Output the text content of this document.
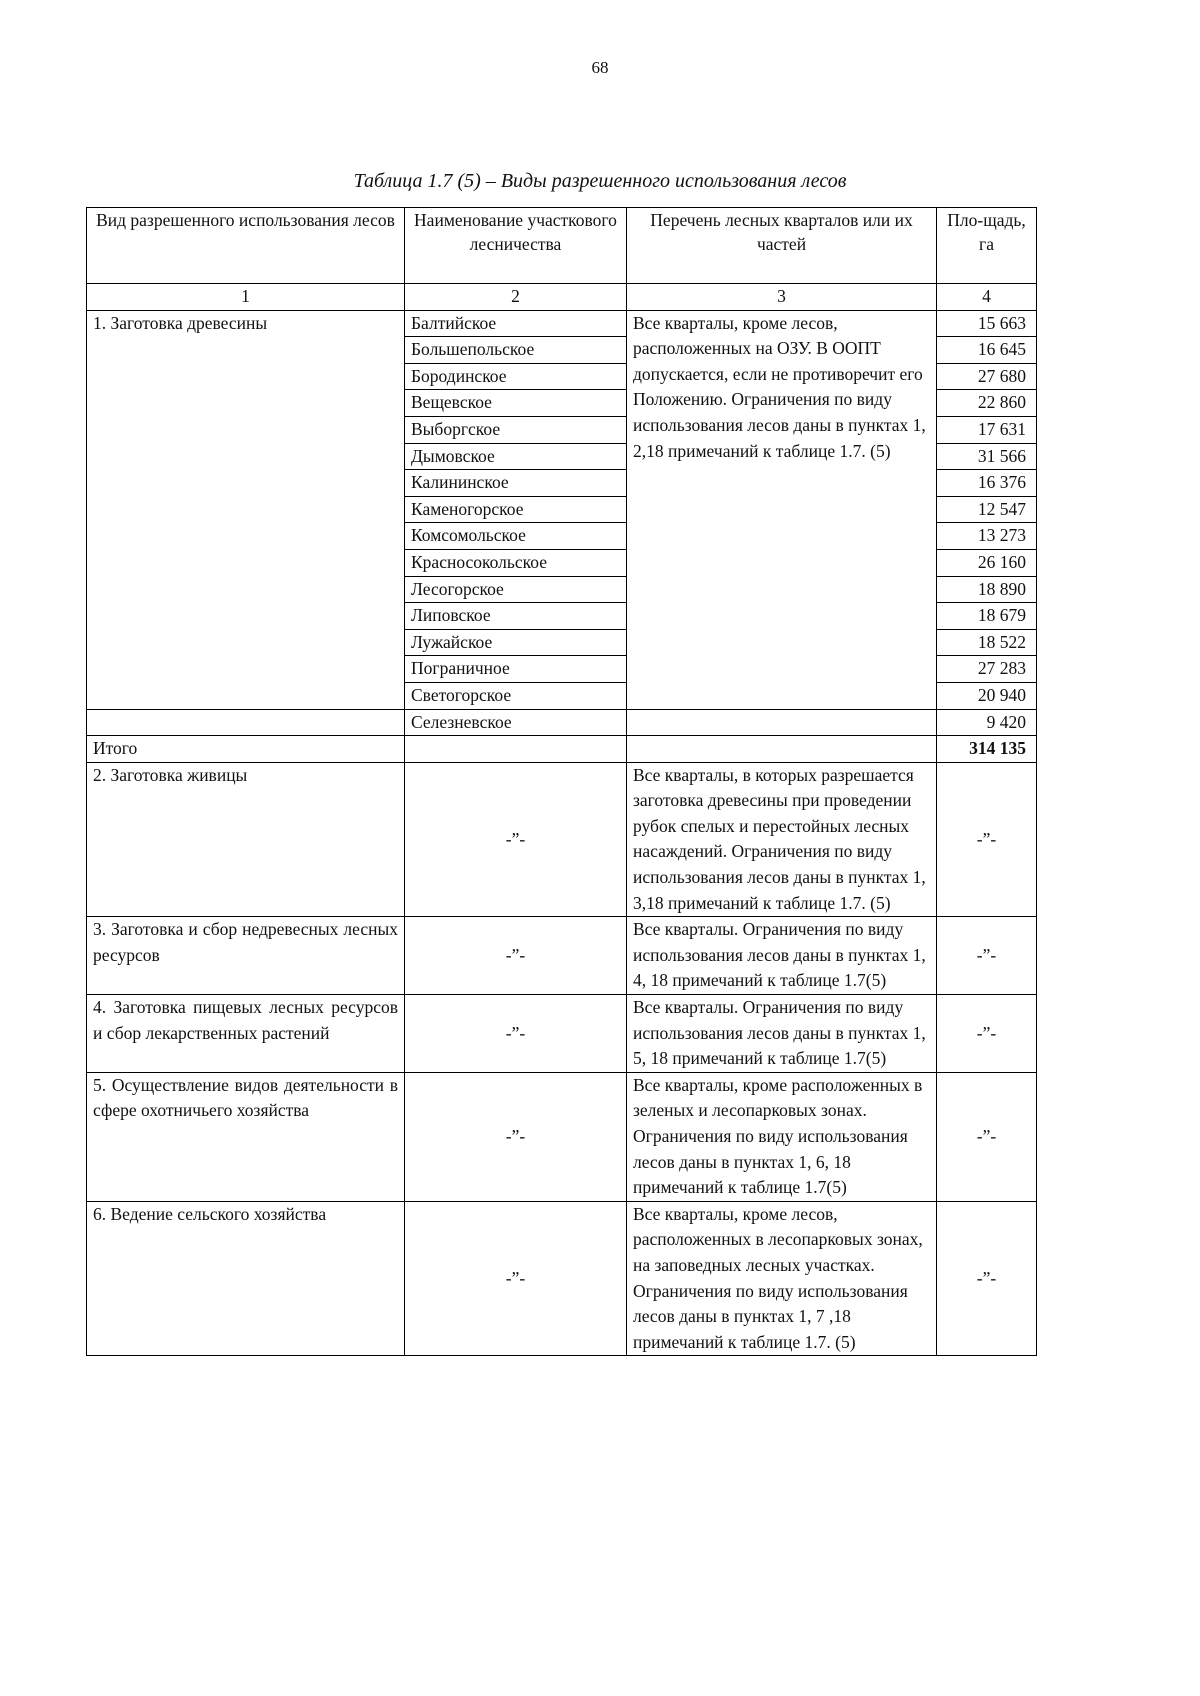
68
Таблица 1.7 (5) – Виды разрешенного использования лесов
Вид разрешенного использования лесов	Наименование участкового лесничества	Перечень лесных кварталов или их частей	Пло-щадь, га
1	2	3	4
1. Заготовка древесины	Балтийское	Все кварталы, кроме лесов, расположенных на ОЗУ. В ООПТ допускается, если не противоречит его Положению. Ограничения по виду использования лесов даны в пунктах 1, 2,18 примечаний к таблице 1.7. (5)	15 663
	Большепольское		16 645
	Бородинское		27 680
	Вещевское		22 860
	Выборгское		17 631
	Дымовское		31 566
	Калининское		16 376
	Каменогорское		12 547
	Комсомольское		13 273
	Красносокольское		26 160
	Лесогорское		18 890
	Липовское		18 679
	Лужайское		18 522
	Пограничное		27 283
	Светогорское		20 940
	Селезневское		9 420
Итого			314 135
2. Заготовка живицы	-”-	Все кварталы, в которых разрешается заготовка древесины при проведении рубок спелых и перестойных лесных насаждений. Ограничения по виду использования лесов даны в пунктах 1, 3,18 примечаний к таблице 1.7. (5)	-”-
3. Заготовка и сбор недревесных лесных ресурсов	-”-	Все кварталы. Ограничения по виду использования лесов даны в пунктах 1, 4, 18 примечаний к таблице 1.7(5)	-”-
4. Заготовка пищевых лесных ресурсов и сбор лекарственных растений	-”-	Все кварталы. Ограничения по виду использования лесов даны в пунктах 1, 5, 18 примечаний к таблице 1.7(5)	-”-
5. Осуществление видов деятельности в сфере охотничьего хозяйства	-”-	Все кварталы, кроме расположенных в зеленых и лесопарковых зонах. Ограничения по виду использования лесов даны в пунктах 1, 6, 18 примечаний к таблице 1.7(5)	-”-
6. Ведение сельского хозяйства	-”-	Все кварталы, кроме лесов, расположенных в лесопарковых зонах, на заповедных лесных участках. Ограничения по виду использования лесов даны в пунктах 1, 7 ,18 примечаний к таблице 1.7. (5)	-”-
